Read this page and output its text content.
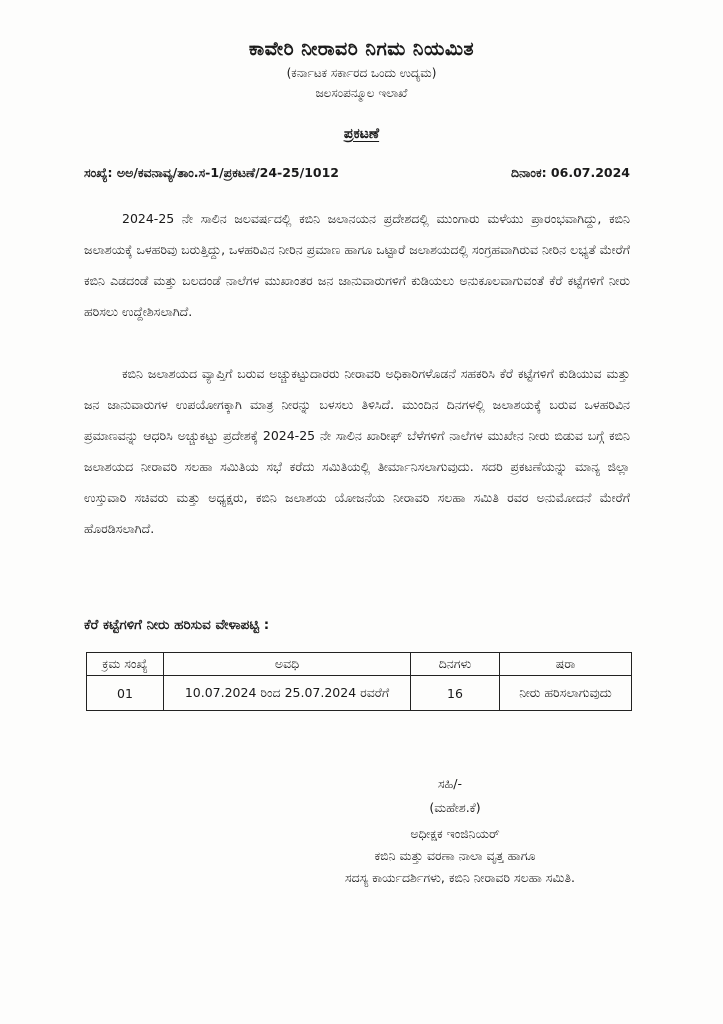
ಕಾವೇರಿ ನೀರಾವರಿ ನಿಗಮ ನಿಯಮಿತ
(ಕರ್ನಾಟಕ ಸರ್ಕಾರದ ಒಂದು ಉದ್ಯಮ)
ಜಲಸಂಪನ್ಮೂಲ ಇಲಾಖೆ
ಪ್ರಕಟಣೆ
ಸಂಖ್ಯೆ: ಅಅ/ಕವನಾವ್ಯ/ತಾಂ.ಸ-1/ಪ್ರಕಟಣೆ/24-25/1012	ದಿನಾಂಕ: 06.07.2024

2024-25 ನೇ ಸಾಲಿನ ಜಲವರ್ಷದಲ್ಲಿ ಕಬಿನಿ ಜಲಾನಯನ ಪ್ರದೇಶದಲ್ಲಿ ಮುಂಗಾರು ಮಳೆಯು ಪ್ರಾರಂಭವಾಗಿದ್ದು, ಕಬಿನಿ ಜಲಾಶಯಕ್ಕೆ ಒಳಹರಿವು ಬರುತ್ತಿದ್ದು, ಒಳಹರಿವಿನ ನೀರಿನ ಪ್ರಮಾಣ ಹಾಗೂ ಒಟ್ಟಾರೆ ಜಲಾಶಯದಲ್ಲಿ ಸಂಗ್ರಹವಾಗಿರುವ ನೀರಿನ ಲಭ್ಯತೆ ಮೇರೆಗೆ ಕಬಿನಿ ಎಡದಂಡೆ ಮತ್ತು ಬಲದಂಡೆ ನಾಲೆಗಳ ಮುಖಾಂತರ ಜನ ಜಾನುವಾರುಗಳಿಗೆ ಕುಡಿಯಲು ಅನುಕೂಲವಾಗುವಂತೆ ಕೆರೆ ಕಟ್ಟೆಗಳಿಗೆ ನೀರು ಹರಿಸಲು ಉದ್ದೇಶಿಸಲಾಗಿದೆ.

ಕಬಿನಿ ಜಲಾಶಯದ ವ್ಯಾಪ್ತಿಗೆ ಬರುವ ಅಚ್ಚುಕಟ್ಟುದಾರರು ನೀರಾವರಿ ಅಧಿಕಾರಿಗಳೊಡನೆ ಸಹಕರಿಸಿ ಕೆರೆ ಕಟ್ಟೆಗಳಿಗೆ ಕುಡಿಯುವ ಮತ್ತು ಜನ ಜಾನುವಾರುಗಳ ಉಪಯೋಗಕ್ಕಾಗಿ ಮಾತ್ರ ನೀರನ್ನು ಬಳಸಲು ತಿಳಿಸಿದೆ. ಮುಂದಿನ ದಿನಗಳಲ್ಲಿ ಜಲಾಶಯಕ್ಕೆ ಬರುವ ಒಳಹರಿವಿನ ಪ್ರಮಾಣವನ್ನು ಆಧರಿಸಿ ಅಚ್ಚುಕಟ್ಟು ಪ್ರದೇಶಕ್ಕೆ 2024-25 ನೇ ಸಾಲಿನ ಖಾರೀಫ್ ಬೆಳೆಗಳಿಗೆ ನಾಲೆಗಳ ಮುಖೇನ ನೀರು ಬಿಡುವ ಬಗ್ಗೆ ಕಬಿನಿ ಜಲಾಶಯದ ನೀರಾವರಿ ಸಲಹಾ ಸಮಿತಿಯ ಸಭೆ ಕರೆದು ಸಮಿತಿಯಲ್ಲಿ ತೀರ್ಮಾನಿಸಲಾಗುವುದು. ಸದರಿ ಪ್ರಕಟಣೆಯನ್ನು ಮಾನ್ಯ ಜಿಲ್ಲಾ ಉಸ್ತುವಾರಿ ಸಚಿವರು ಮತ್ತು ಅಧ್ಯಕ್ಷರು, ಕಬಿನಿ ಜಲಾಶಯ ಯೋಜನೆಯ ನೀರಾವರಿ ಸಲಹಾ ಸಮಿತಿ ರವರ ಅನುಮೋದನೆ ಮೇರೆಗೆ ಹೊರಡಿಸಲಾಗಿದೆ.

ಕೆರೆ ಕಟ್ಟೆಗಳಿಗೆ ನೀರು ಹರಿಸುವ ವೇಳಾಪಟ್ಟಿ :
ಕ್ರಮ ಸಂಖ್ಯೆ	ಅವಧಿ	ದಿನಗಳು	ಷರಾ
01	10.07.2024 ರಿಂದ 25.07.2024 ರವರೆಗೆ	16	ನೀರು ಹರಿಸಲಾಗುವುದು
ಸಹಿ/-
(ಮಹೇಶ.ಕೆ)
ಅಧೀಕ್ಷಕ ಇಂಜಿನಿಯರ್
ಕಬಿನಿ ಮತ್ತು ವರಣಾ ನಾಲಾ ವೃತ್ತ ಹಾಗೂ
ಸದಸ್ಯ ಕಾರ್ಯದರ್ಶಿಗಳು, ಕಬಿನಿ ನೀರಾವರಿ ಸಲಹಾ ಸಮಿತಿ.
